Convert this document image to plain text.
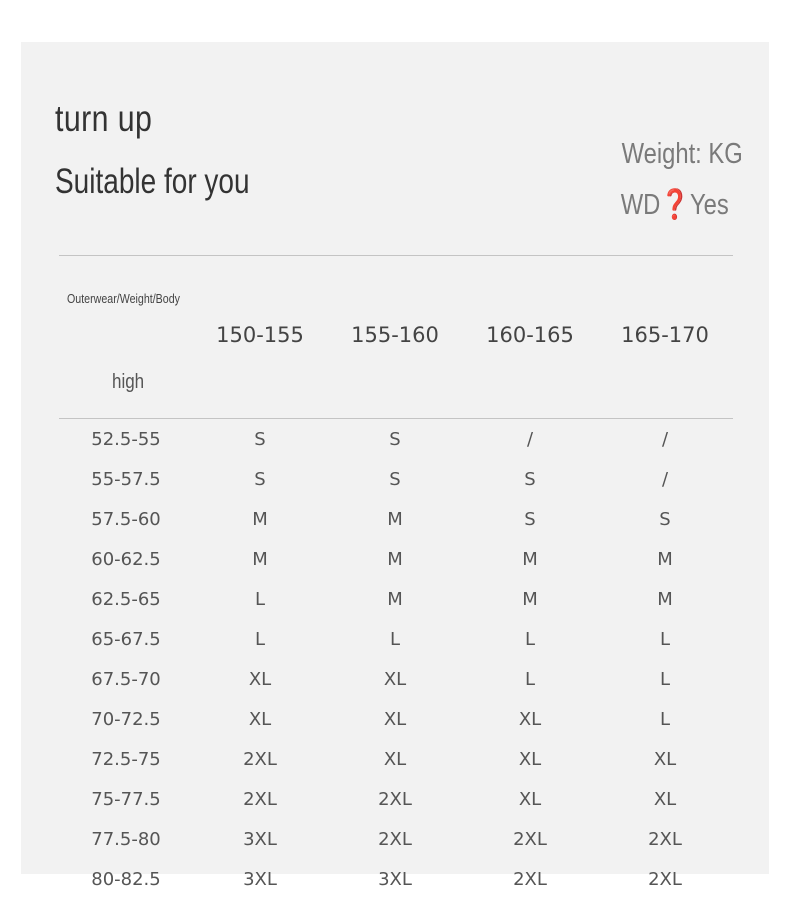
turn up
Suitable for you
Weight: KG
WD❓Yes
Outerwear/Weight/Body
high
150-155	155-160	160-165	165-170
52.5-55	S	S	/	/
55-57.5	S	S	S	/
57.5-60	M	M	S	S
60-62.5	M	M	M	M
62.5-65	L	M	M	M
65-67.5	L	L	L	L
67.5-70	XL	XL	L	L
70-72.5	XL	XL	XL	L
72.5-75	2XL	XL	XL	XL
75-77.5	2XL	2XL	XL	XL
77.5-80	3XL	2XL	2XL	2XL
80-82.5	3XL	3XL	2XL	2XL
